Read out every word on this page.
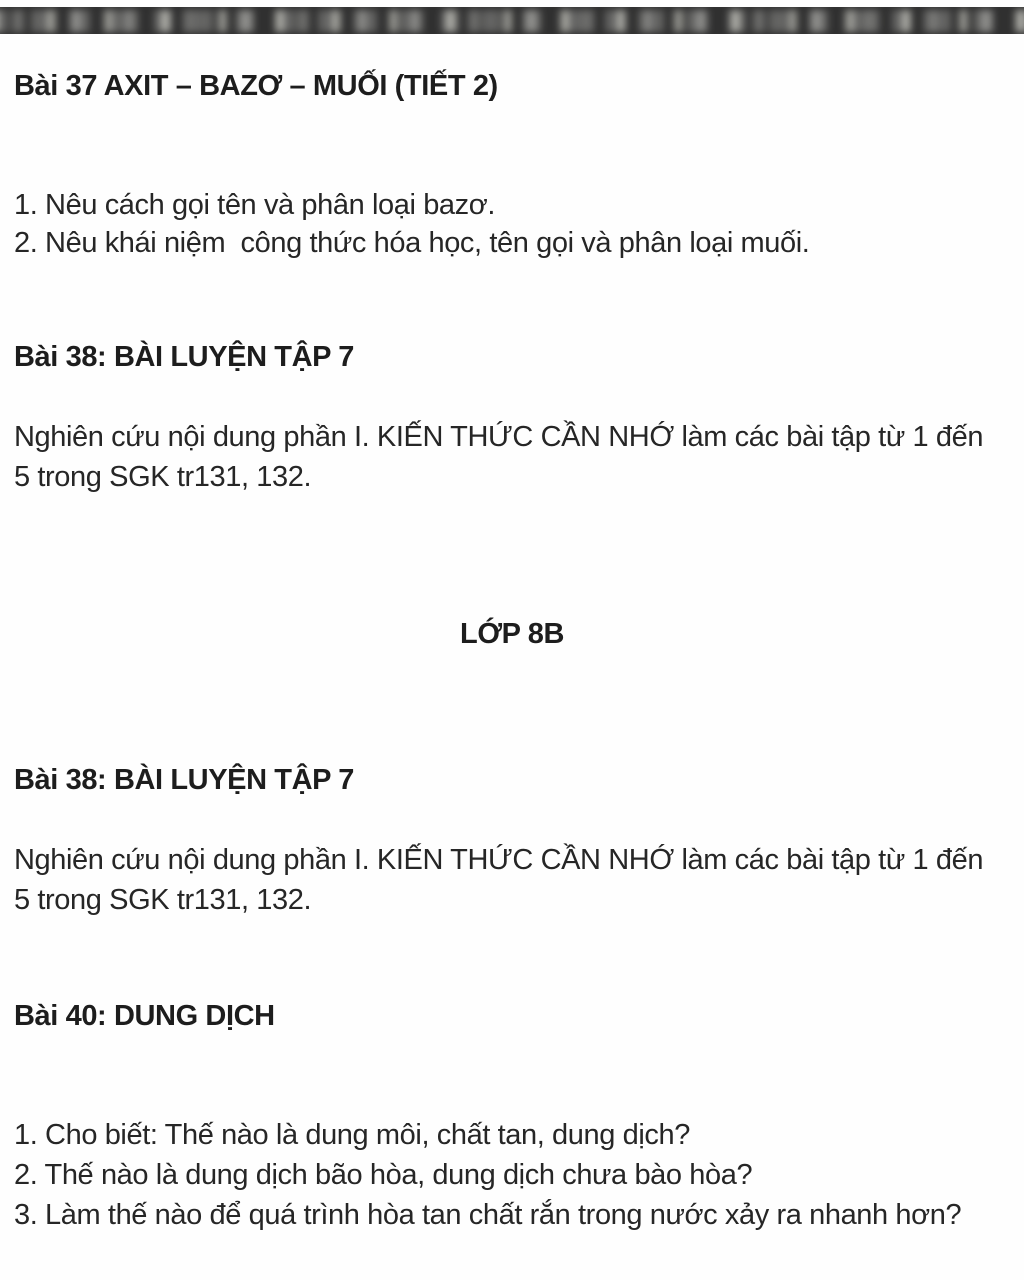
Bài 37 AXIT – BAZƠ – MUỐI (TIẾT 2)
1. Nêu cách gọi tên và phân loại bazơ.
2. Nêu khái niệm  công thức hóa học, tên gọi và phân loại muối.
Bài 38: BÀI LUYỆN TẬP 7
Nghiên cứu nội dung phần I. KIẾN THỨC CẦN NHỚ làm các bài tập từ 1 đến
5 trong SGK tr131, 132.
LỚP 8B
Bài 38: BÀI LUYỆN TẬP 7
Nghiên cứu nội dung phần I. KIẾN THỨC CẦN NHỚ làm các bài tập từ 1 đến
5 trong SGK tr131, 132.
Bài 40: DUNG DỊCH
1. Cho biết: Thế nào là dung môi, chất tan, dung dịch?
2. Thế nào là dung dịch bão hòa, dung dịch chưa bào hòa?
3. Làm thế nào để quá trình hòa tan chất rắn trong nước xảy ra nhanh hơn?
